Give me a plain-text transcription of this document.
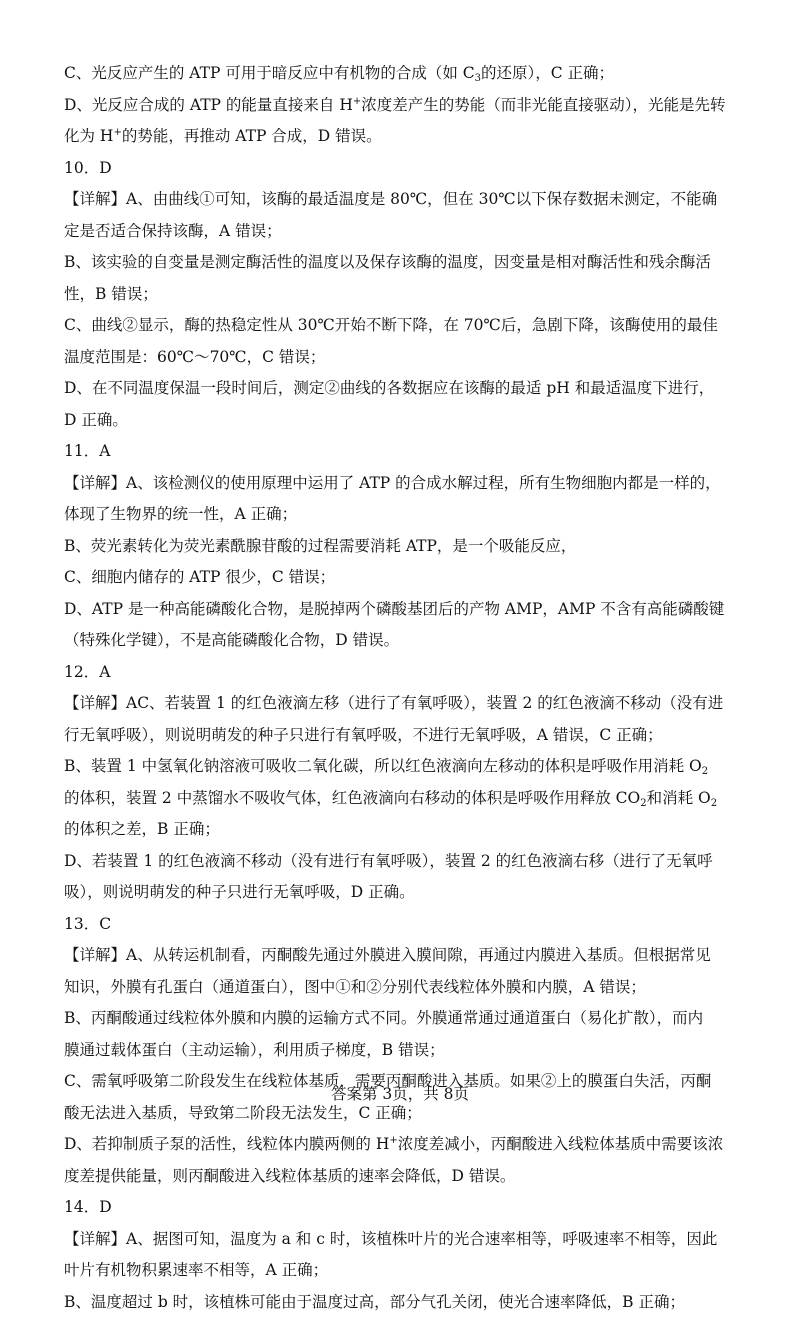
C、光反应产生的 ATP 可用于暗反应中有机物的合成（如 $C_3$的还原），C 正确；
D、光反应合成的 ATP 的能量直接来自 H+浓度差产生的势能（而非光能直接驱动），光能是先转
化为 H+的势能，再推动 ATP 合成，D 错误。
10．D
【详解】A、由曲线①可知，该酶的最适温度是 80℃，但在 30℃以下保存数据未测定，不能确
定是否适合保持该酶，A 错误；
B、该实验的自变量是测定酶活性的温度以及保存该酶的温度，因变量是相对酶活性和残余酶活
性，B 错误；
C、曲线②显示，酶的热稳定性从 30℃开始不断下降，在 70℃后，急剧下降，该酶使用的最佳
温度范围是：60℃～70℃，C 错误；
D、在不同温度保温一段时间后，测定②曲线的各数据应在该酶的最适 pH 和最适温度下进行，
D 正确。
11．A
【详解】A、该检测仪的使用原理中运用了 ATP 的合成水解过程，所有生物细胞内都是一样的，
体现了生物界的统一性，A 正确；
B、荧光素转化为荧光素酰腺苷酸的过程需要消耗 ATP，是一个吸能反应，
C、细胞内储存的 ATP 很少，C 错误；
D、ATP 是一种高能磷酸化合物，是脱掉两个磷酸基团后的产物 AMP，AMP 不含有高能磷酸键
（特殊化学键），不是高能磷酸化合物，D 错误。
12．A
【详解】AC、若装置 1 的红色液滴左移（进行了有氧呼吸），装置 2 的红色液滴不移动（没有进
行无氧呼吸），则说明萌发的种子只进行有氧呼吸，不进行无氧呼吸，A 错误，C 正确；
B、装置 1 中氢氧化钠溶液可吸收二氧化碳，所以红色液滴向左移动的体积是呼吸作用消耗 $O_2$
的体积，装置 2 中蒸馏水不吸收气体，红色液滴向右移动的体积是呼吸作用释放 $CO_2$和消耗 $O_2$
的体积之差，B 正确；
D、若装置 1 的红色液滴不移动（没有进行有氧呼吸），装置 2 的红色液滴右移（进行了无氧呼
吸），则说明萌发的种子只进行无氧呼吸，D 正确。
13．C
【详解】A、从转运机制看，丙酮酸先通过外膜进入膜间隙，再通过内膜进入基质。但根据常见
知识，外膜有孔蛋白（通道蛋白），图中①和②分别代表线粒体外膜和内膜，A 错误；
B、丙酮酸通过线粒体外膜和内膜的运输方式不同。外膜通常通过通道蛋白（易化扩散），而内
膜通过载体蛋白（主动运输），利用质子梯度，B 错误；
C、需氧呼吸第二阶段发生在线粒体基质，需要丙酮酸进入基质。如果②上的膜蛋白失活，丙酮
酸无法进入基质，导致第二阶段无法发生，C 正确；
D、若抑制质子泵的活性，线粒体内膜两侧的 H+浓度差减小，丙酮酸进入线粒体基质中需要该浓
度差提供能量，则丙酮酸进入线粒体基质的速率会降低，D 错误。
14．D
【详解】A、据图可知，温度为 a 和 c 时，该植株叶片的光合速率相等，呼吸速率不相等，因此
叶片有机物积累速率不相等，A 正确；
B、温度超过 b 时，该植株可能由于温度过高，部分气孔关闭，使光合速率降低，B 正确；
答案第 3页，共 8页
